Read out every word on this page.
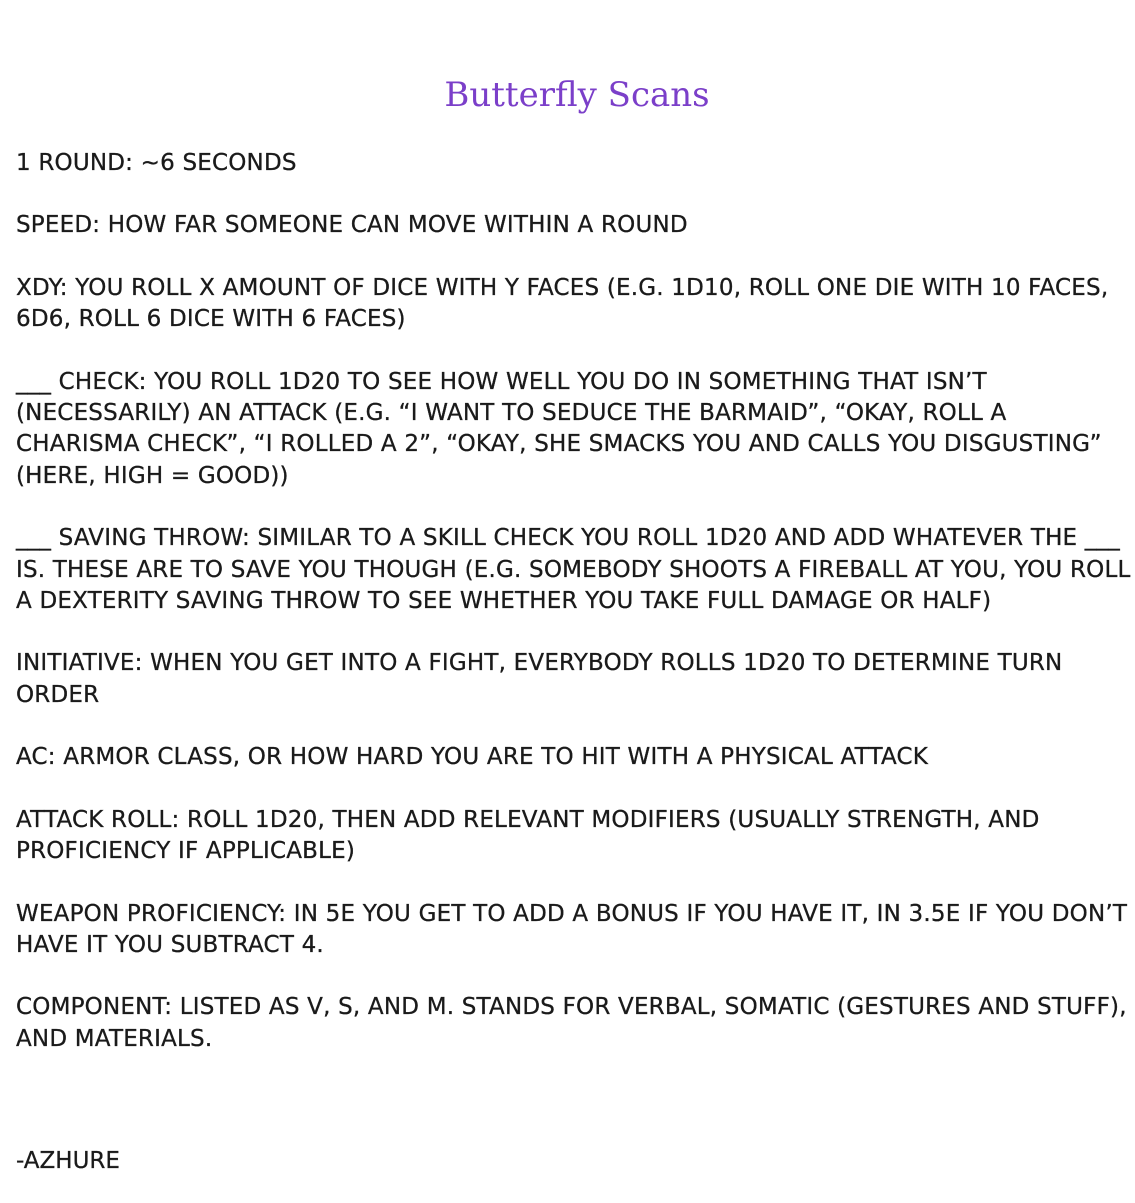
Butterfly Scans
1 ROUND: ~6 SECONDS
SPEED: HOW FAR SOMEONE CAN MOVE WITHIN A ROUND
XDY: YOU ROLL X AMOUNT OF DICE WITH Y FACES (E.G. 1D10, ROLL ONE DIE WITH 10 FACES, 6D6, ROLL 6 DICE WITH 6 FACES)
___ CHECK: YOU ROLL 1D20 TO SEE HOW WELL YOU DO IN SOMETHING THAT ISN’T (NECESSARILY) AN ATTACK (E.G. “I WANT TO SEDUCE THE BARMAID”, “OKAY, ROLL A CHARISMA CHECK”, “I ROLLED A 2”, “OKAY, SHE SMACKS YOU AND CALLS YOU DISGUSTING” (HERE, HIGH = GOOD))
___ SAVING THROW: SIMILAR TO A SKILL CHECK YOU ROLL 1D20 AND ADD WHATEVER THE ___ IS. THESE ARE TO SAVE YOU THOUGH (E.G. SOMEBODY SHOOTS A FIREBALL AT YOU, YOU ROLL A DEXTERITY SAVING THROW TO SEE WHETHER YOU TAKE FULL DAMAGE OR HALF)
INITIATIVE: WHEN YOU GET INTO A FIGHT, EVERYBODY ROLLS 1D20 TO DETERMINE TURN ORDER
AC: ARMOR CLASS, OR HOW HARD YOU ARE TO HIT WITH A PHYSICAL ATTACK
ATTACK ROLL: ROLL 1D20, THEN ADD RELEVANT MODIFIERS (USUALLY STRENGTH, AND PROFICIENCY IF APPLICABLE)
WEAPON PROFICIENCY: IN 5E YOU GET TO ADD A BONUS IF YOU HAVE IT, IN 3.5E IF YOU DON’T HAVE IT YOU SUBTRACT 4.
COMPONENT: LISTED AS V, S, AND M. STANDS FOR VERBAL, SOMATIC (GESTURES AND STUFF), AND MATERIALS.
-AZHURE
